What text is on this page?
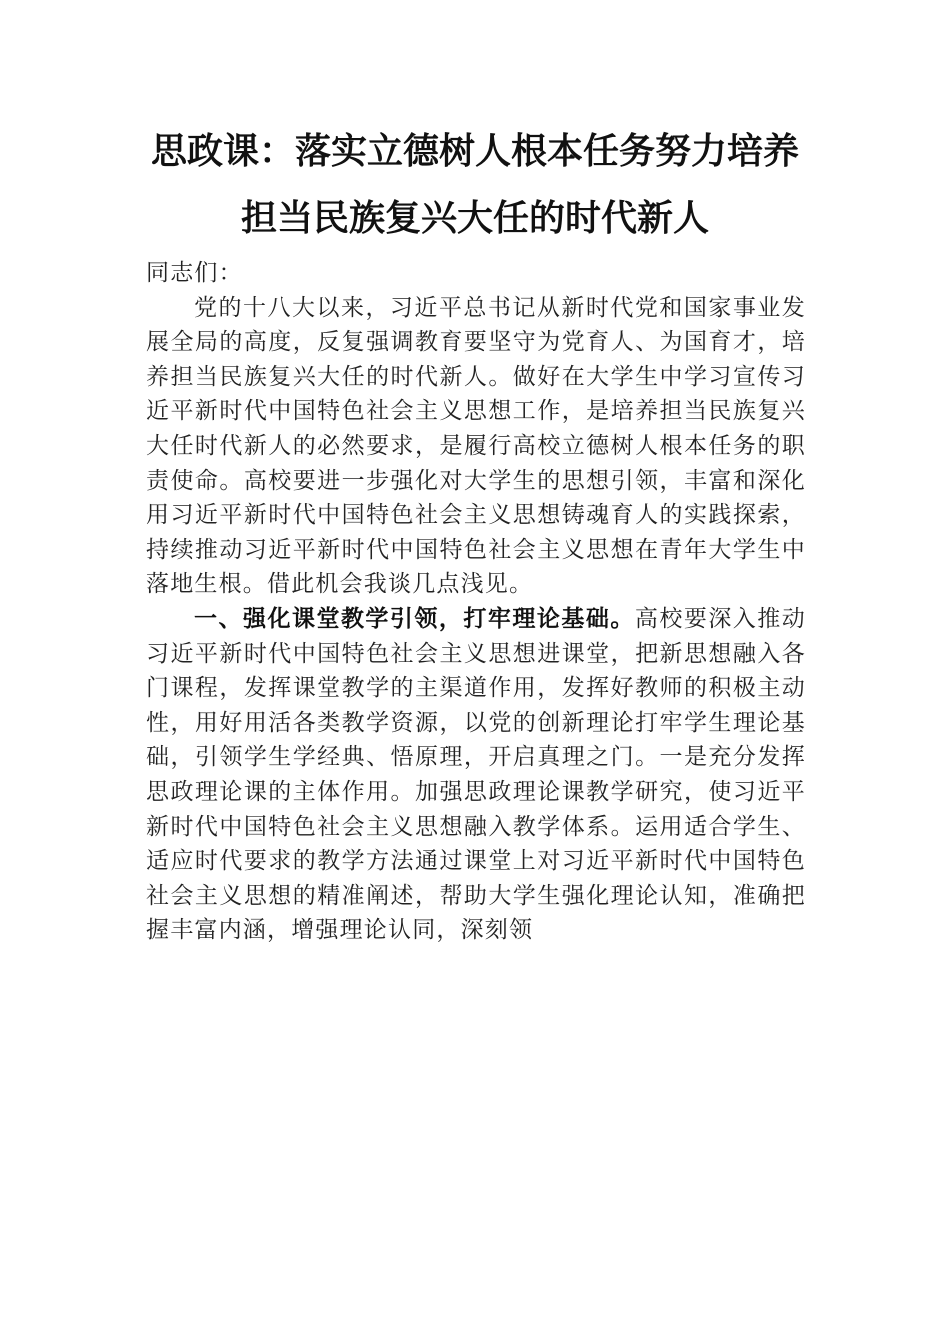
思政课：落实立德树人根本任务努力培养
担当民族复兴大任的时代新人

同志们：

党的十八大以来，习近平总书记从新时代党和国家事业发展全局的高度，反复强调教育要坚守为党育人、为国育才，培养担当民族复兴大任的时代新人。做好在大学生中学习宣传习近平新时代中国特色社会主义思想工作，是培养担当民族复兴大任时代新人的必然要求，是履行高校立德树人根本任务的职责使命。高校要进一步强化对大学生的思想引领，丰富和深化用习近平新时代中国特色社会主义思想铸魂育人的实践探索，持续推动习近平新时代中国特色社会主义思想在青年大学生中落地生根。借此机会我谈几点浅见。

一、强化课堂教学引领，打牢理论基础。高校要深入推动习近平新时代中国特色社会主义思想进课堂，把新思想融入各门课程，发挥课堂教学的主渠道作用，发挥好教师的积极主动性，用好用活各类教学资源，以党的创新理论打牢学生理论基础，引领学生学经典、悟原理，开启真理之门。一是充分发挥思政理论课的主体作用。加强思政理论课教学研究，使习近平新时代中国特色社会主义思想融入教学体系。运用适合学生、适应时代要求的教学方法通过课堂上对习近平新时代中国特色社会主义思想的精准阐述，帮助大学生强化理论认知，准确把握丰富内涵，增强理论认同，深刻领
